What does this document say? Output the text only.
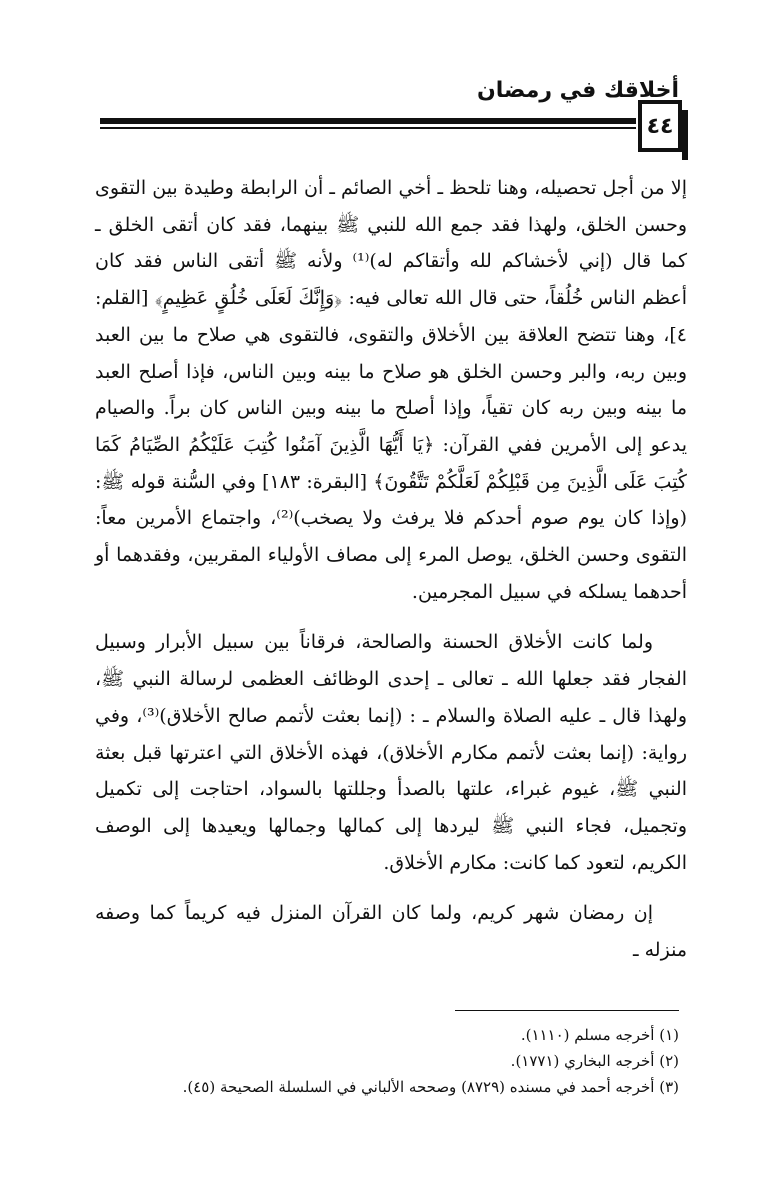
أخلاقك في رمضان
٤٤

إلا من أجل تحصيله، وهنا تلحظ ـ أخي الصائم ـ أن الرابطة وطيدة بين التقوى وحسن الخلق، ولهذا فقد جمع الله للنبي ﷺ بينهما، فقد كان أتقى الخلق ـ كما قال (إني لأخشاكم لله وأتقاكم له)⁽¹⁾ ولأنه ﷺ أتقى الناس فقد كان أعظم الناس خُلُقاً، حتى قال الله تعالى فيه: ﴿وَإِنَّكَ لَعَلَى خُلُقٍ عَظِيمٍ﴾ [القلم: ٤]، وهنا تتضح العلاقة بين الأخلاق والتقوى، فالتقوى هي صلاح ما بين العبد وبين ربه، والبر وحسن الخلق هو صلاح ما بينه وبين الناس، فإذا أصلح العبد ما بينه وبين ربه كان تقياً، وإذا أصلح ما بينه وبين الناس كان براً. والصيام يدعو إلى الأمرين ففي القرآن: ﴿يَا أَيُّهَا الَّذِينَ آمَنُوا كُتِبَ عَلَيْكُمُ الصِّيَامُ كَمَا كُتِبَ عَلَى الَّذِينَ مِن قَبْلِكُمْ لَعَلَّكُمْ تَتَّقُونَ﴾ [البقرة: ١٨٣] وفي السُّنة قوله ﷺ: (وإذا كان يوم صوم أحدكم فلا يرفث ولا يصخب)⁽²⁾، واجتماع الأمرين معاً: التقوى وحسن الخلق، يوصل المرء إلى مصاف الأولياء المقربين، وفقدهما أو أحدهما يسلكه في سبيل المجرمين.

ولما كانت الأخلاق الحسنة والصالحة، فرقاناً بين سبيل الأبرار وسبيل الفجار فقد جعلها الله ـ تعالى ـ إحدى الوظائف العظمى لرسالة النبي ﷺ، ولهذا قال ـ عليه الصلاة والسلام ـ : (إنما بعثت لأتمم صالح الأخلاق)⁽³⁾، وفي رواية: (إنما بعثت لأتمم مكارم الأخلاق)، فهذه الأخلاق التي اعترتها قبل بعثة النبي ﷺ، غيوم غبراء، علتها بالصدأ وجللتها بالسواد، احتاجت إلى تكميل وتجميل، فجاء النبي ﷺ ليردها إلى كمالها وجمالها ويعيدها إلى الوصف الكريم، لتعود كما كانت: مكارم الأخلاق.

إن رمضان شهر كريم، ولما كان القرآن المنزل فيه كريماً كما وصفه منزله ـ

(١) أخرجه مسلم (١١١٠).
(٢) أخرجه البخاري (١٧٧١).
(٣) أخرجه أحمد في مسنده (٨٧٢٩) وصححه الألباني في السلسلة الصحيحة (٤٥).
